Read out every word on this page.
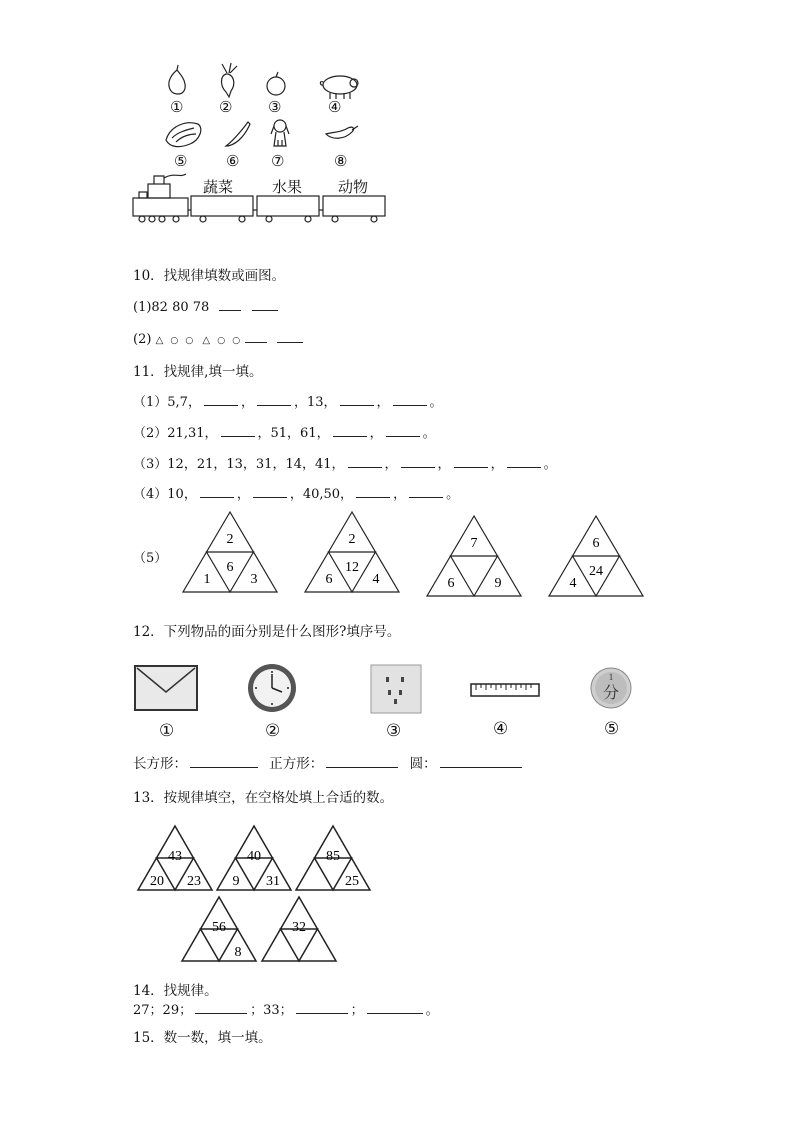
① ② ③	④
⑤	⑥ ⑦	⑧
蔬菜	水果 动物
10．找规律填数或画图。
(1)82 80 78
(2) △ ○ ○ △ ○ ○
11．找规律,填一填。
（1）5,7，	，	，13，	，	。
（2）21,31，	，51，61，	，	。
（3）12，21，13，31，14，41，	，	，	，	。
（4）10，	，	，40,50，	，	。
（5）
2
1
6
3
2
6
12
4
7
6	9
6
4
24
12．下列物品的面分别是什么图形?填序号。
1
分
①	②	③	④	⑤
长方形：	正方形：	圆：
13．按规律填空，在空格处填上合适的数。
43
20 23
40
9 31
85
25
56
8
32
14．找规律。
27；29；	；33；	；	。
15．数一数，填一填。
